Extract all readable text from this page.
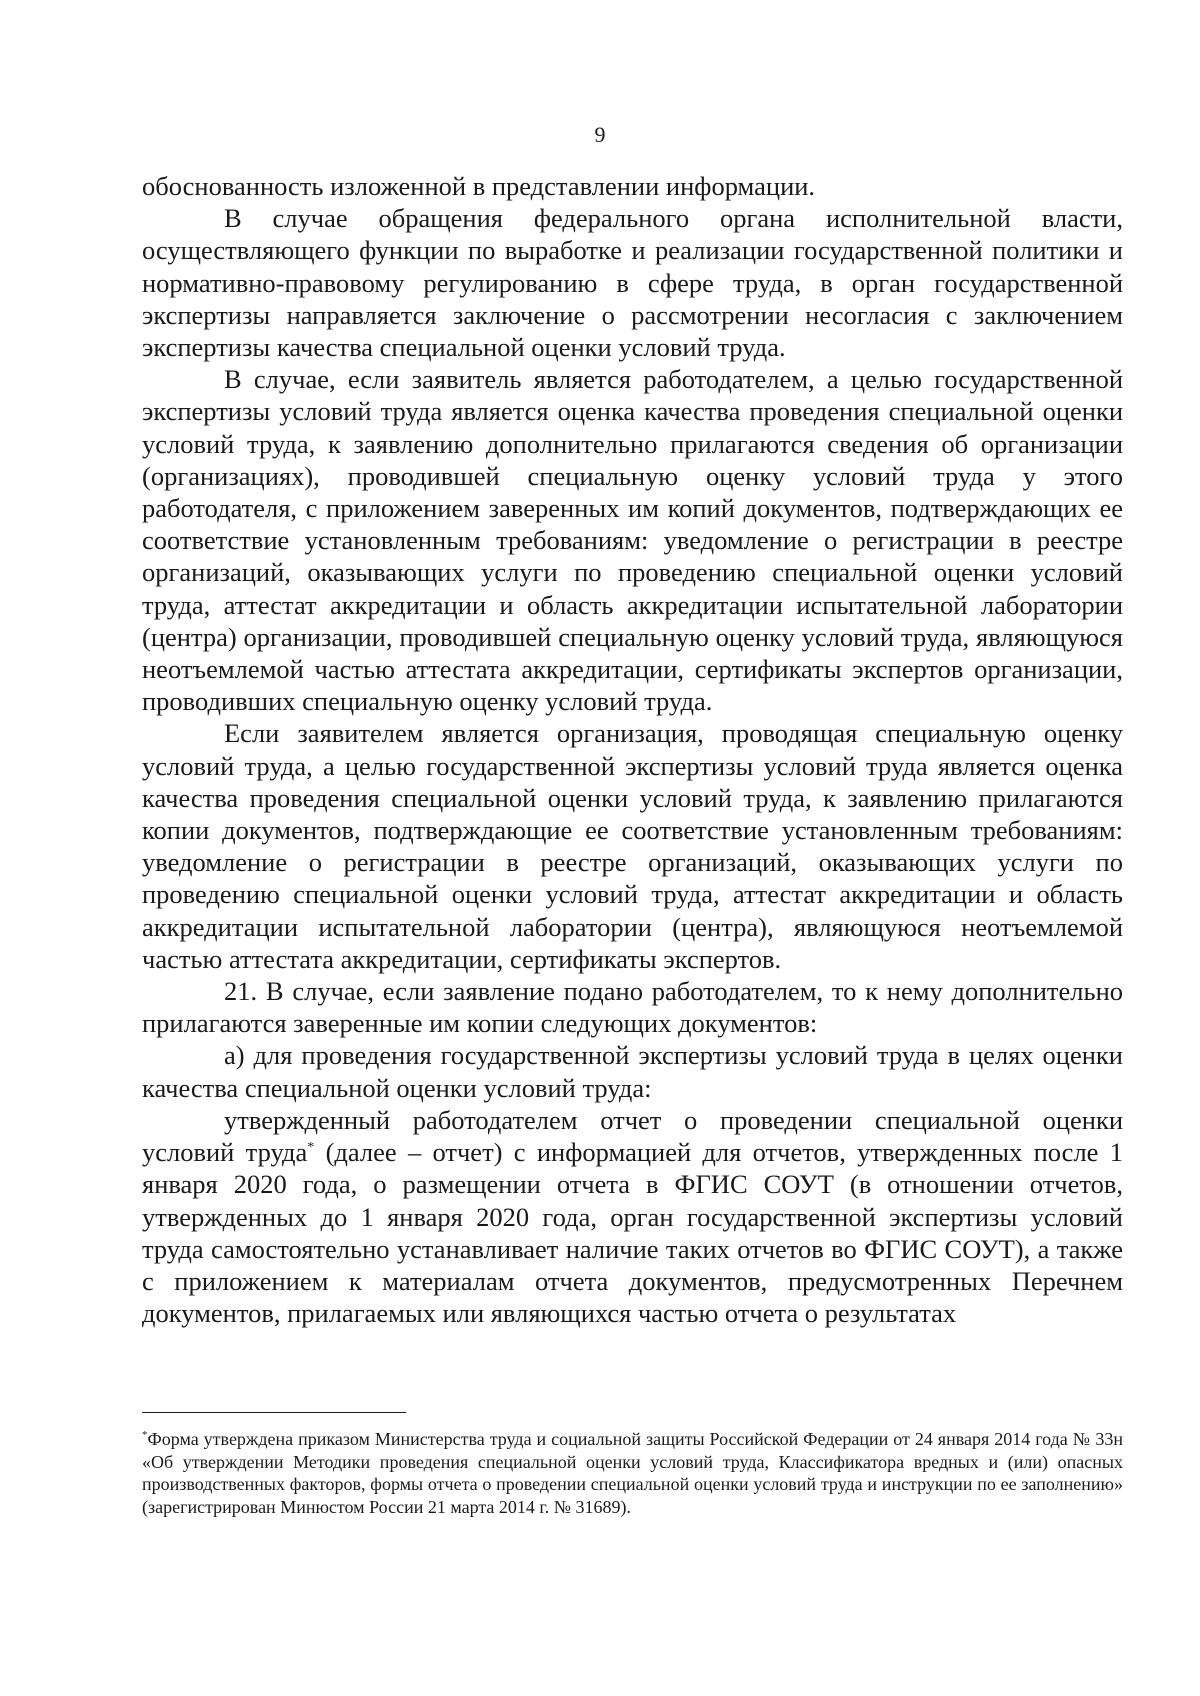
9

обоснованность изложенной в представлении информации.

В случае обращения федерального органа исполнительной власти, осуществляющего функции по выработке и реализации государственной политики и нормативно-правовому регулированию в сфере труда, в орган государственной экспертизы направляется заключение о рассмотрении несогласия с заключением экспертизы качества специальной оценки условий труда.

В случае, если заявитель является работодателем, а целью государственной экспертизы условий труда является оценка качества проведения специальной оценки условий труда, к заявлению дополнительно прилагаются сведения об организации (организациях), проводившей специальную оценку условий труда у этого работодателя, с приложением заверенных им копий документов, подтверждающих ее соответствие установленным требованиям: уведомление о регистрации в реестре организаций, оказывающих услуги по проведению специальной оценки условий труда, аттестат аккредитации и область аккредитации испытательной лаборатории (центра) организации, проводившей специальную оценку условий труда, являющуюся неотъемлемой частью аттестата аккредитации, сертификаты экспертов организации, проводивших специальную оценку условий труда.

Если заявителем является организация, проводящая специальную оценку условий труда, а целью государственной экспертизы условий труда является оценка качества проведения специальной оценки условий труда, к заявлению прилагаются копии документов, подтверждающие ее соответствие установленным требованиям: уведомление о регистрации в реестре организаций, оказывающих услуги по проведению специальной оценки условий труда, аттестат аккредитации и область аккредитации испытательной лаборатории (центра), являющуюся неотъемлемой частью аттестата аккредитации, сертификаты экспертов.

21. В случае, если заявление подано работодателем, то к нему дополнительно прилагаются заверенные им копии следующих документов:

а) для проведения государственной экспертизы условий труда в целях оценки качества специальной оценки условий труда:

утвержденный работодателем отчет о проведении специальной оценки условий труда* (далее – отчет) с информацией для отчетов, утвержденных после 1 января 2020 года, о размещении отчета в ФГИС СОУТ (в отношении отчетов, утвержденных до 1 января 2020 года, орган государственной экспертизы условий труда самостоятельно устанавливает наличие таких отчетов во ФГИС СОУТ), а также с приложением к материалам отчета документов, предусмотренных Перечнем документов, прилагаемых или являющихся частью отчета о результатах

*Форма утверждена приказом Министерства труда и социальной защиты Российской Федерации от 24 января 2014 года № 33н «Об утверждении Методики проведения специальной оценки условий труда, Классификатора вредных и (или) опасных производственных факторов, формы отчета о проведении специальной оценки условий труда и инструкции по ее заполнению» (зарегистрирован Минюстом России 21 марта 2014 г. № 31689).
